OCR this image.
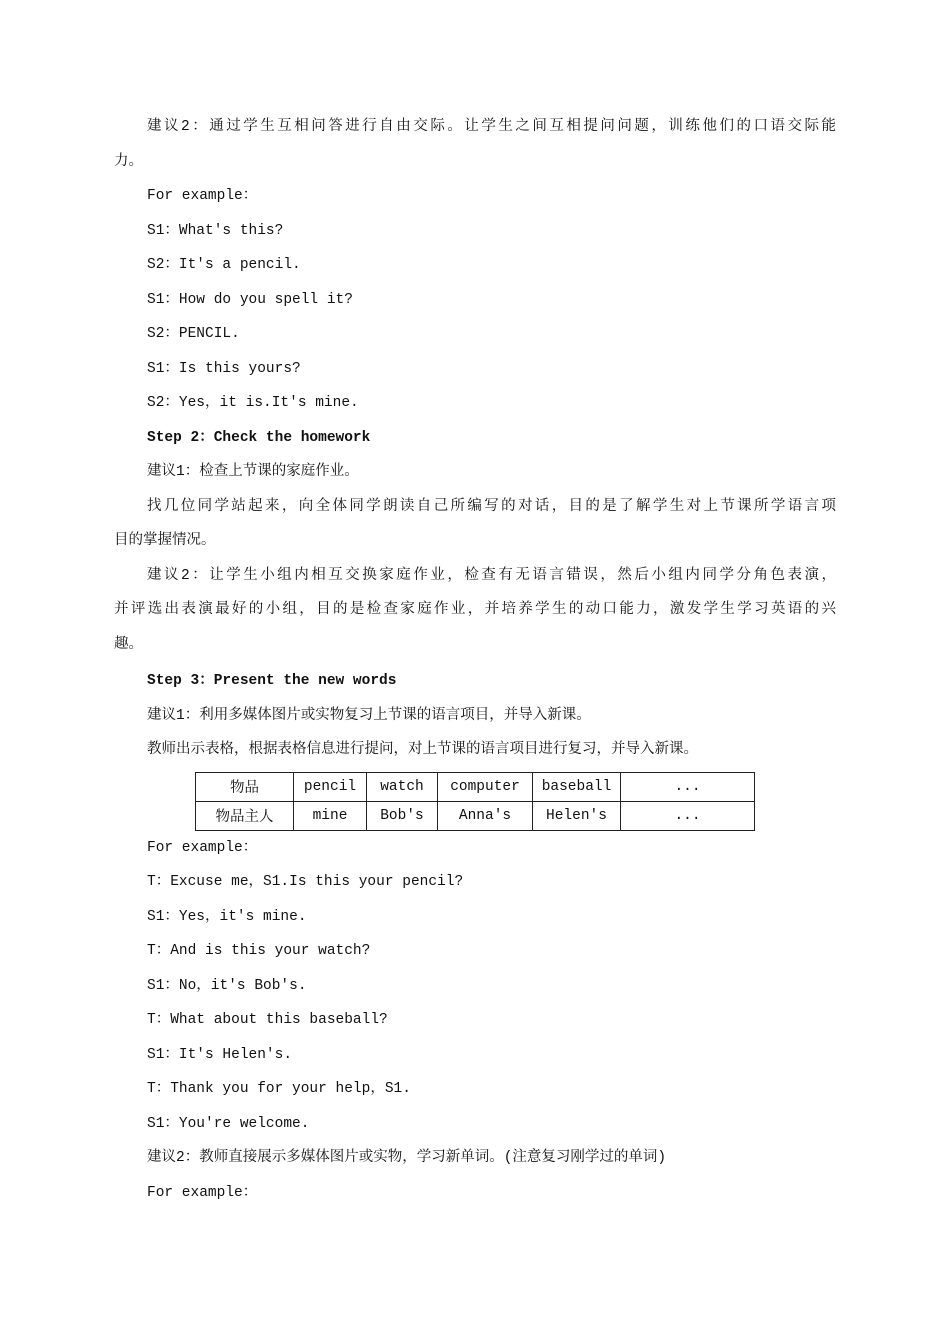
建议2：通过学生互相问答进行自由交际。让学生之间互相提问问题，训练他们的口语交际能
力。
For example：
S1：What's this?
S2：It's a pencil.
S1：How do you spell it?
S2：PENCIL.
S1：Is this yours?
S2：Yes，it is.It's mine.
Step 2：Check the homework
建议1：检查上节课的家庭作业。
找几位同学站起来，向全体同学朗读自己所编写的对话，目的是了解学生对上节课所学语言项
目的掌握情况。
建议2：让学生小组内相互交换家庭作业，检查有无语言错误，然后小组内同学分角色表演，
并评选出表演最好的小组，目的是检查家庭作业，并培养学生的动口能力，激发学生学习英语的兴
趣。
Step 3：Present the new words
建议1：利用多媒体图片或实物复习上节课的语言项目，并导入新课。
教师出示表格，根据表格信息进行提问，对上节课的语言项目进行复习，并导入新课。
物品	pencil	watch	computer	baseball	...
物品主人	mine	Bob's	Anna's	Helen's	...
For example：
T：Excuse me，S1.Is this your pencil?
S1：Yes，it's mine.
T：And is this your watch?
S1：No，it's Bob's.
T：What about this baseball?
S1：It's Helen's.
T：Thank you for your help，S1.
S1：You're welcome.
建议2：教师直接展示多媒体图片或实物，学习新单词。(注意复习刚学过的单词)
For example：
